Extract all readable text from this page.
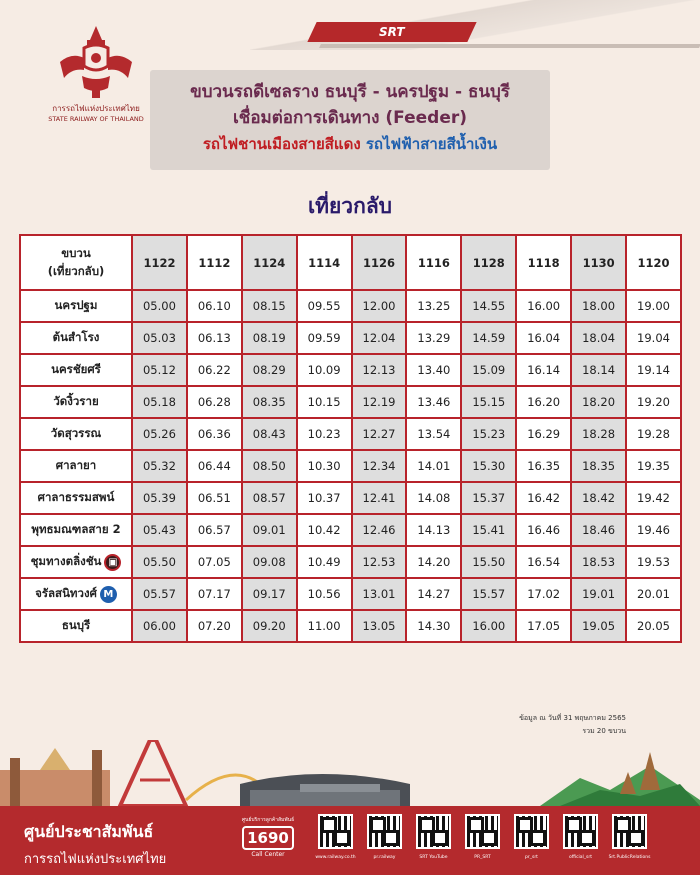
SRT
การรถไฟแห่งประเทศไทย
STATE RAILWAY OF THAILAND
ขบวนรถดีเซลราง ธนบุรี - นครปฐม - ธนบุรี
เชื่อมต่อการเดินทาง (Feeder)
รถไฟชานเมืองสายสีแดง รถไฟฟ้าสายสีน้ำเงิน
เที่ยวกลับ
ขบวน
(เที่ยวกลับ)	1122	1112	1124	1114	1126	1116	1128	1118	1130	1120

นครปฐม	05.00	06.10	08.15	09.55	12.00	13.25	14.55	16.00	18.00	19.00

ต้นสำโรง	05.03	06.13	08.19	09.59	12.04	13.29	14.59	16.04	18.04	19.04

นครชัยศรี	05.12	06.22	08.29	10.09	12.13	13.40	15.09	16.14	18.14	19.14

วัดงิ้วราย	05.18	06.28	08.35	10.15	12.19	13.46	15.15	16.20	18.20	19.20

วัดสุวรรณ	05.26	06.36	08.43	10.23	12.27	13.54	15.23	16.29	18.28	19.28

ศาลายา	05.32	06.44	08.50	10.30	12.34	14.01	15.30	16.35	18.35	19.35

ศาลาธรรมสพน์	05.39	06.51	08.57	10.37	12.41	14.08	15.37	16.42	18.42	19.42

พุทธมณฑลสาย 2	05.43	06.57	09.01	10.42	12.46	14.13	15.41	16.46	18.46	19.46

ชุมทางตลิ่งชัน ▣	05.50	07.05	09.08	10.49	12.53	14.20	15.50	16.54	18.53	19.53

จรัลสนิทวงศ์ M	05.57	07.17	09.17	10.56	13.01	14.27	15.57	17.02	19.01	20.01

ธนบุรี	06.00	07.20	09.20	11.00	13.05	14.30	16.00	17.05	19.05	20.05
ข้อมูล ณ วันที่ 31 พฤษภาคม 2565
รวม 20 ขบวน
ศูนย์ประชาสัมพันธ์
การรถไฟแห่งประเทศไทย
ศูนย์บริการลูกค้าสัมพันธ์
1690
Call Center	www.railway.co.th	pr.railway	SRT YouTube	PR_SRT	pr_srt	official_srt	Srt.PublicRelations
